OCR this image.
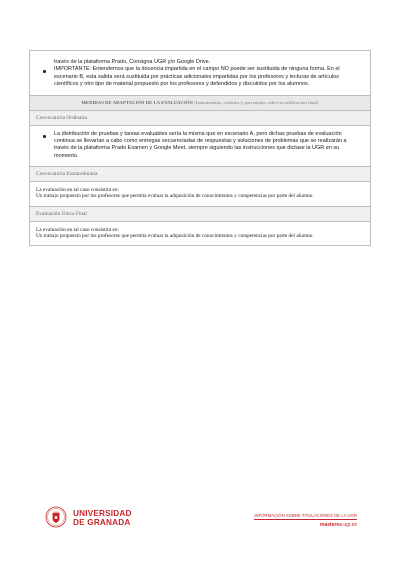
través de la plataforma Prado, Consigna UGR y/o Google Drive.
IMPORTANTE: Entendemos que la docencia impartida en el campo NO puede ser sustituida de ninguna forma. En el escenario B, esta salida será sustituida por prácticas adicionales impartidas por los profesores y lecturas de artículos científicos y otro tipo de material propuesto por los profesores y defendidos y discutidos por los alumnos.
MEDIDAS DE ADAPTACIÓN DE LA EVALUACIÓN (Instrumentos, criterios y porcentajes sobre la calificación final)
Convocatoria Ordinaria
La distribución de pruebas y tareas evaluables sería la misma que en escenario A, pero dichas pruebas de evaluación continua se llevarían a cabo como entregas secuenciadas de respuestas y soluciones de problemas que se realizarán a través de la plataforma Prado Examen y Google Meet, siempre siguiendo las instrucciones que dictase la UGR en su momento.
Convocatoria Extraordinaria
La evaluación en tal caso consistirá en:
Un trabajo propuesto por los profesores que permita evaluar la adquisición de conocimientos y competencias por parte del alumno.
Evaluación Única Final
La evaluación en tal caso consistirá en:
Un trabajo propuesto por los profesores que permita evaluar la adquisición de conocimientos y competencias por parte del alumno.
UNIVERSIDAD
DE GRANADA
INFORMACIÓN SOBRE TITULACIONES DE LA UGR
masteres.ugr.es
